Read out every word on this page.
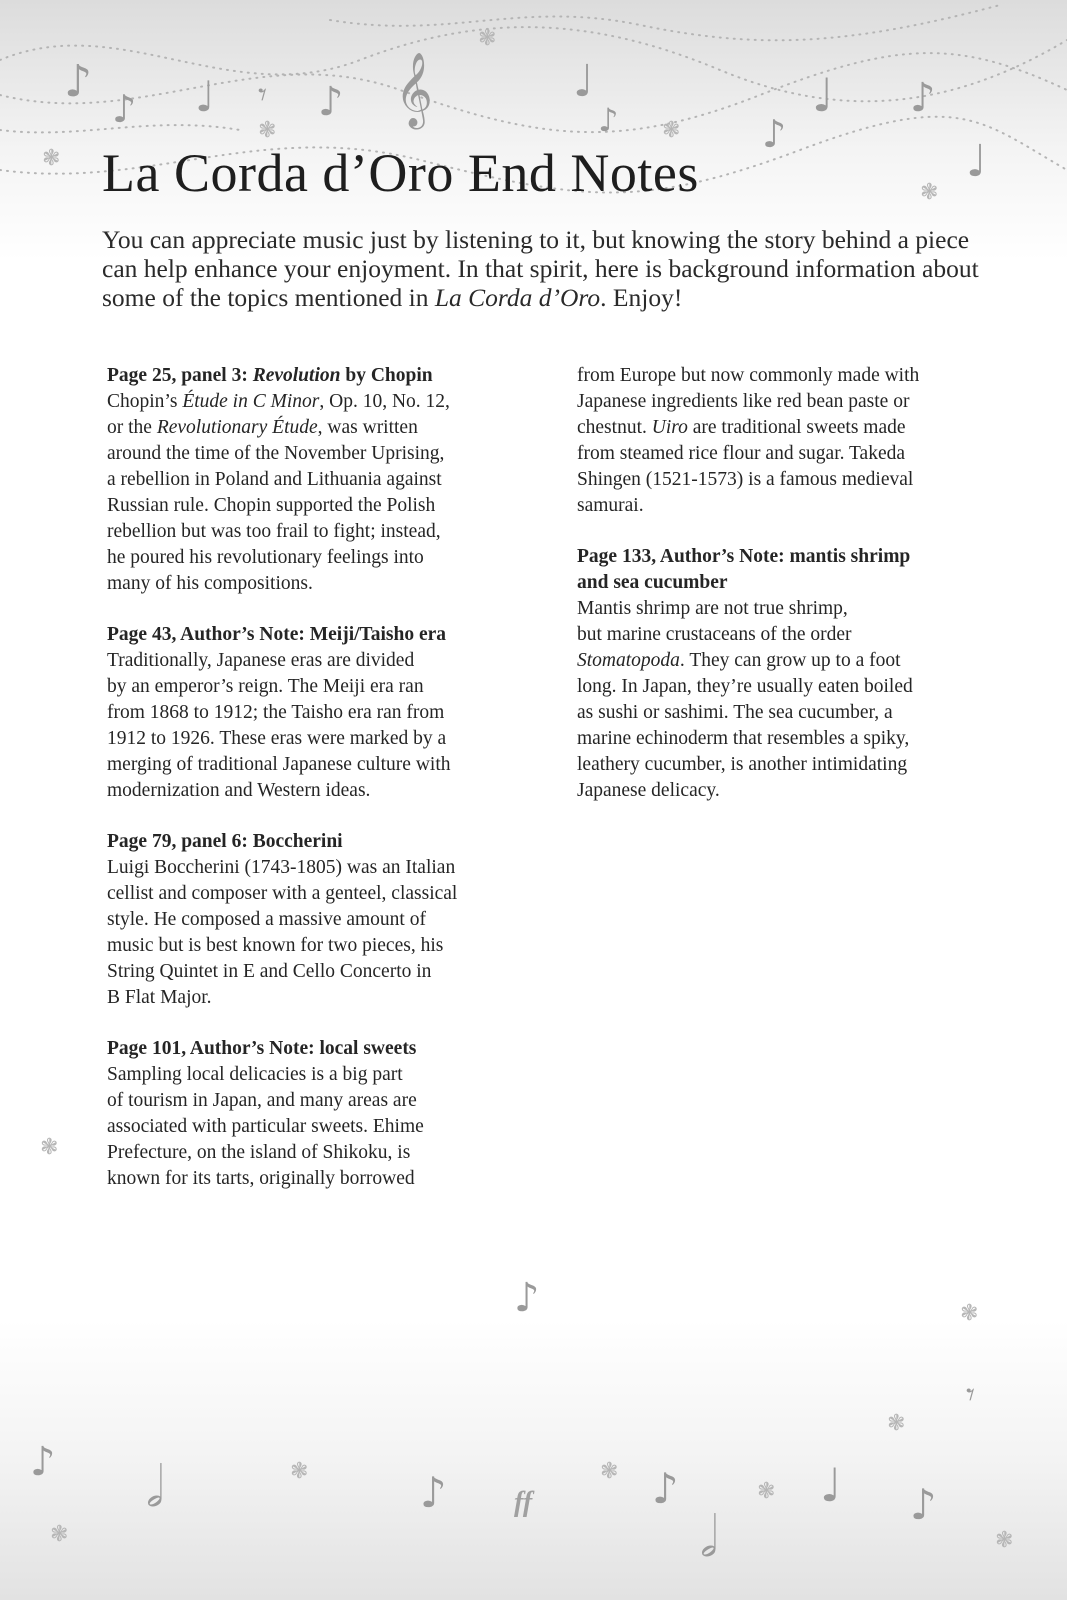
♪
♪ ♩ 𝄾 ♪ 𝄞	♩
♪	♪
♩ ♪
♩
❃
❃
❃
❃
❃
❃
♪	❃
𝄾
❃
♪ 𝅗𝅥	❃	♪ ff
❃ ♪
𝅗𝅥
❃ ♩ ♪
❃	❃
La Corda d’Oro End Notes

You can appreciate music just by listening to it, but knowing the story behind a piece can help enhance your enjoyment. In that spirit, here is background information about some of the topics mentioned in La Corda d’Oro. Enjoy!

Page 25, panel 3: Revolution by Chopin

Chopin’s Étude in C Minor, Op. 10, No. 12,
or the Revolutionary Étude, was written
around the time of the November Uprising,
a rebellion in Poland and Lithuania against
Russian rule. Chopin supported the Polish
rebellion but was too frail to fight; instead,
he poured his revolutionary feelings into
many of his compositions.

Page 43, Author’s Note: Meiji/Taisho era

Traditionally, Japanese eras are divided
by an emperor’s reign. The Meiji era ran
from 1868 to 1912; the Taisho era ran from
1912 to 1926. These eras were marked by a
merging of traditional Japanese culture with
modernization and Western ideas.

Page 79, panel 6: Boccherini

Luigi Boccherini (1743-1805) was an Italian
cellist and composer with a genteel, classical
style. He composed a massive amount of
music but is best known for two pieces, his
String Quintet in E and Cello Concerto in
B Flat Major.

Page 101, Author’s Note: local sweets

Sampling local delicacies is a big part
of tourism in Japan, and many areas are
associated with particular sweets. Ehime
Prefecture, on the island of Shikoku, is
known for its tarts, originally borrowed

from Europe but now commonly made with
Japanese ingredients like red bean paste or
chestnut. Uiro are traditional sweets made
from steamed rice flour and sugar. Takeda
Shingen (1521-1573) is a famous medieval
samurai.

Page 133, Author’s Note: mantis shrimp
and sea cucumber

Mantis shrimp are not true shrimp,
but marine crustaceans of the order
Stomatopoda. They can grow up to a foot
long. In Japan, they’re usually eaten boiled
as sushi or sashimi. The sea cucumber, a
marine echinoderm that resembles a spiky,
leathery cucumber, is another intimidating
Japanese delicacy.
